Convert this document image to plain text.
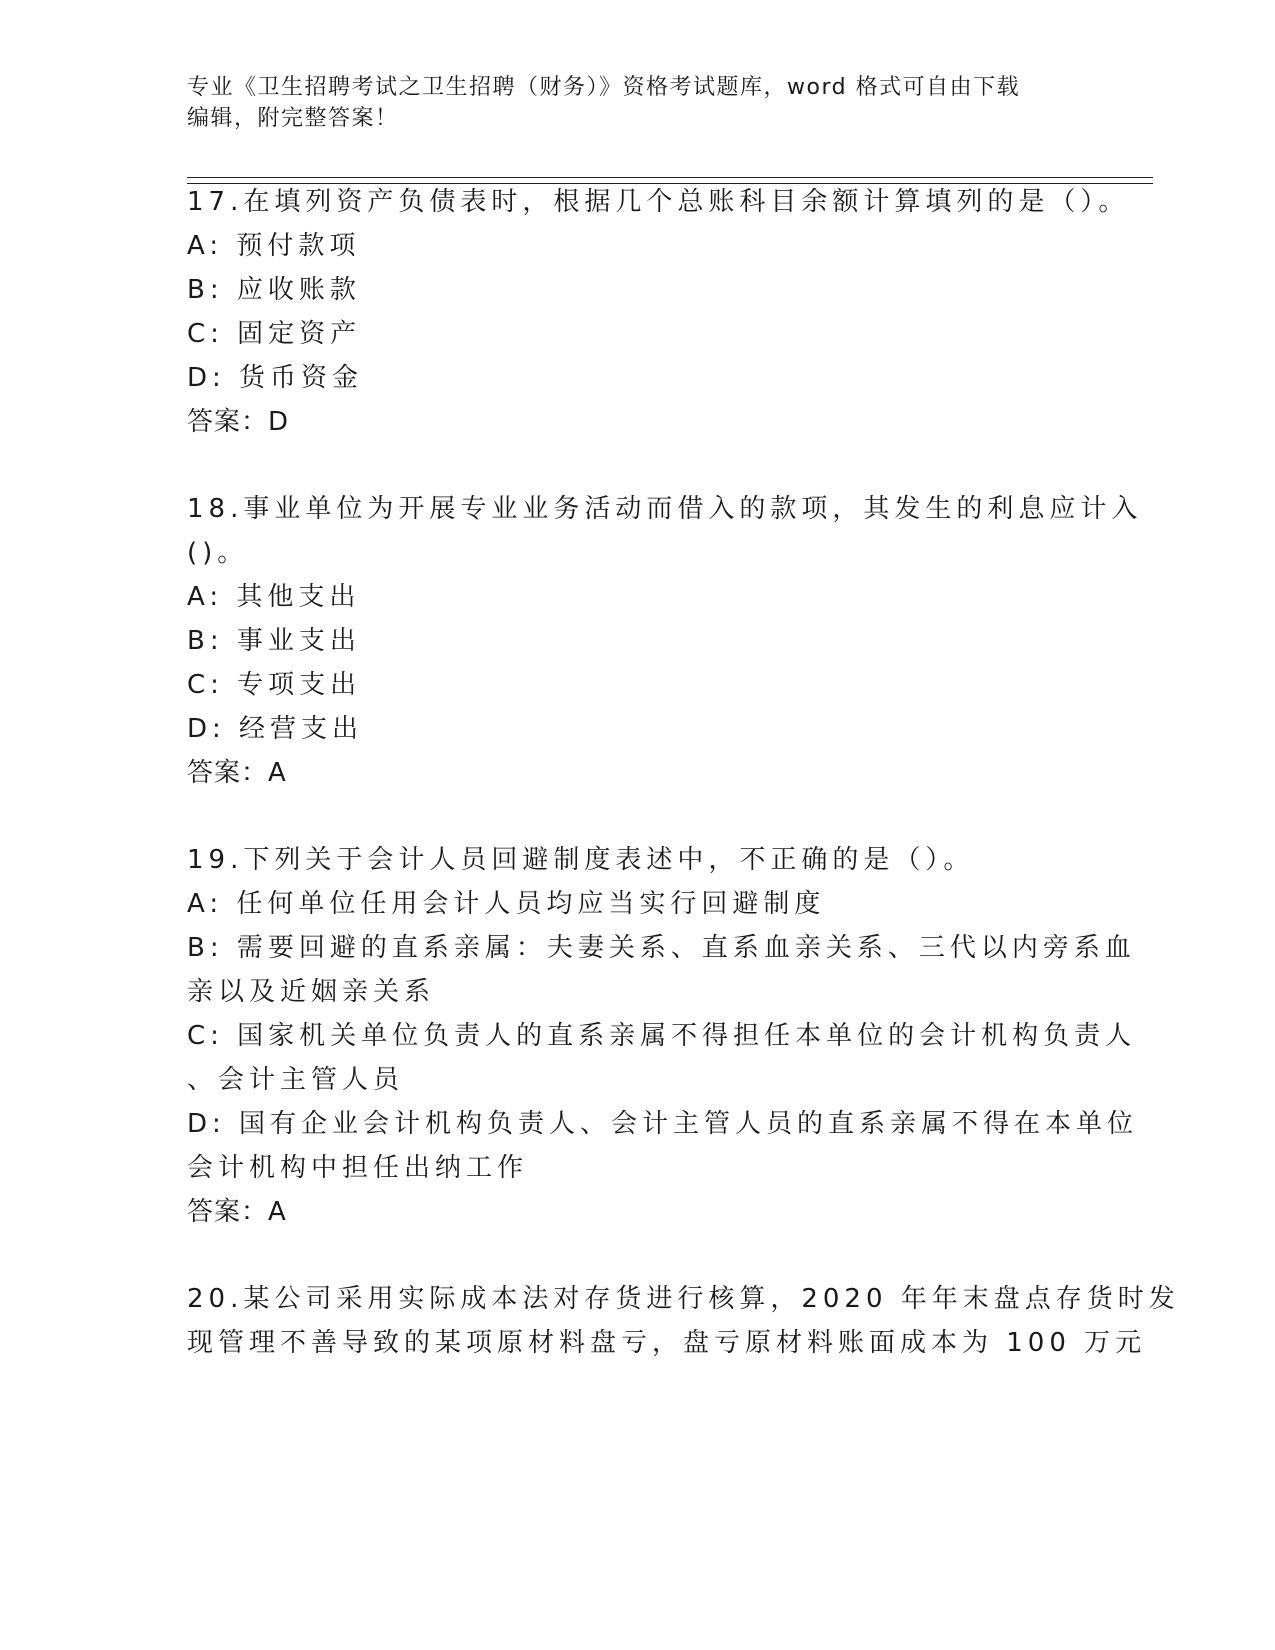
专业《卫生招聘考试之卫生招聘（财务）》资格考试题库，word 格式可自由下载
编辑，附完整答案！
17.在填列资产负债表时，根据几个总账科目余额计算填列的是（）。
A: 预付款项
B: 应收账款
C: 固定资产
D: 货币资金
答案：D
18.事业单位为开展专业业务活动而借入的款项，其发生的利息应计入
()。
A: 其他支出
B: 事业支出
C: 专项支出
D: 经营支出
答案：A
19.下列关于会计人员回避制度表述中，不正确的是（）。
A: 任何单位任用会计人员均应当实行回避制度
B: 需要回避的直系亲属：夫妻关系、直系血亲关系、三代以内旁系血
亲以及近姻亲关系
C: 国家机关单位负责人的直系亲属不得担任本单位的会计机构负责人
、会计主管人员
D: 国有企业会计机构负责人、会计主管人员的直系亲属不得在本单位
会计机构中担任出纳工作
答案：A
20.某公司采用实际成本法对存货进行核算，2020 年年末盘点存货时发
现管理不善导致的某项原材料盘亏，盘亏原材料账面成本为 100 万元
